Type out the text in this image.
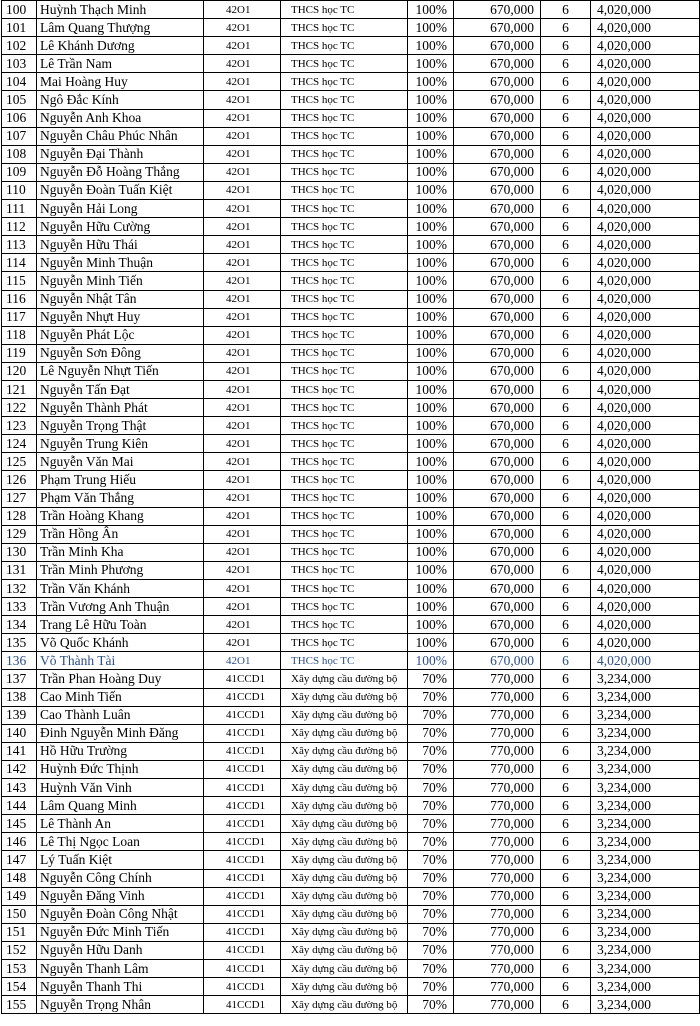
100	Huỳnh Thạch Minh	42O1	THCS học TC	100%	670,000	6	4,020,000
101	Lâm Quang Thượng	42O1	THCS học TC	100%	670,000	6	4,020,000
102	Lê Khánh Dương	42O1	THCS học TC	100%	670,000	6	4,020,000
103	Lê Trần Nam	42O1	THCS học TC	100%	670,000	6	4,020,000
104	Mai Hoàng Huy	42O1	THCS học TC	100%	670,000	6	4,020,000
105	Ngô Đắc Kính	42O1	THCS học TC	100%	670,000	6	4,020,000
106	Nguyễn Anh Khoa	42O1	THCS học TC	100%	670,000	6	4,020,000
107	Nguyễn Châu Phúc Nhân	42O1	THCS học TC	100%	670,000	6	4,020,000
108	Nguyễn Đại Thành	42O1	THCS học TC	100%	670,000	6	4,020,000
109	Nguyễn Đỗ Hoàng Thắng	42O1	THCS học TC	100%	670,000	6	4,020,000
110	Nguyễn Đoàn Tuấn Kiệt	42O1	THCS học TC	100%	670,000	6	4,020,000
111	Nguyễn Hải Long	42O1	THCS học TC	100%	670,000	6	4,020,000
112	Nguyễn Hữu Cường	42O1	THCS học TC	100%	670,000	6	4,020,000
113	Nguyễn Hữu Thái	42O1	THCS học TC	100%	670,000	6	4,020,000
114	Nguyễn Minh Thuận	42O1	THCS học TC	100%	670,000	6	4,020,000
115	Nguyễn Minh Tiến	42O1	THCS học TC	100%	670,000	6	4,020,000
116	Nguyễn Nhật Tân	42O1	THCS học TC	100%	670,000	6	4,020,000
117	Nguyễn Nhựt Huy	42O1	THCS học TC	100%	670,000	6	4,020,000
118	Nguyễn Phát Lộc	42O1	THCS học TC	100%	670,000	6	4,020,000
119	Nguyễn Sơn Đông	42O1	THCS học TC	100%	670,000	6	4,020,000
120	Lê Nguyễn Nhựt Tiến	42O1	THCS học TC	100%	670,000	6	4,020,000
121	Nguyễn Tấn Đạt	42O1	THCS học TC	100%	670,000	6	4,020,000
122	Nguyễn Thành Phát	42O1	THCS học TC	100%	670,000	6	4,020,000
123	Nguyễn Trọng Thật	42O1	THCS học TC	100%	670,000	6	4,020,000
124	Nguyễn Trung Kiên	42O1	THCS học TC	100%	670,000	6	4,020,000
125	Nguyễn Văn Mai	42O1	THCS học TC	100%	670,000	6	4,020,000
126	Phạm Trung Hiếu	42O1	THCS học TC	100%	670,000	6	4,020,000
127	Phạm Văn Thắng	42O1	THCS học TC	100%	670,000	6	4,020,000
128	Trần Hoàng Khang	42O1	THCS học TC	100%	670,000	6	4,020,000
129	Trần Hồng Ân	42O1	THCS học TC	100%	670,000	6	4,020,000
130	Trần Minh Kha	42O1	THCS học TC	100%	670,000	6	4,020,000
131	Trần Minh Phương	42O1	THCS học TC	100%	670,000	6	4,020,000
132	Trần Văn Khánh	42O1	THCS học TC	100%	670,000	6	4,020,000
133	Trần Vương Anh Thuận	42O1	THCS học TC	100%	670,000	6	4,020,000
134	Trang Lê Hữu Toàn	42O1	THCS học TC	100%	670,000	6	4,020,000
135	Võ Quốc Khánh	42O1	THCS học TC	100%	670,000	6	4,020,000
136	Võ Thành Tài	42O1	THCS học TC	100%	670,000	6	4,020,000
137	Trần Phan Hoàng Duy	41CCD1	Xây dựng cầu đường bộ	70%	770,000	6	3,234,000
138	Cao Minh Tiến	41CCD1	Xây dựng cầu đường bộ	70%	770,000	6	3,234,000
139	Cao Thành Luân	41CCD1	Xây dựng cầu đường bộ	70%	770,000	6	3,234,000
140	Đinh Nguyễn Minh Đăng	41CCD1	Xây dựng cầu đường bộ	70%	770,000	6	3,234,000
141	Hồ Hữu Trường	41CCD1	Xây dựng cầu đường bộ	70%	770,000	6	3,234,000
142	Huỳnh Đức Thịnh	41CCD1	Xây dựng cầu đường bộ	70%	770,000	6	3,234,000
143	Huỳnh Văn Vinh	41CCD1	Xây dựng cầu đường bộ	70%	770,000	6	3,234,000
144	Lâm Quang Minh	41CCD1	Xây dựng cầu đường bộ	70%	770,000	6	3,234,000
145	Lê Thành An	41CCD1	Xây dựng cầu đường bộ	70%	770,000	6	3,234,000
146	Lê Thị Ngọc Loan	41CCD1	Xây dựng cầu đường bộ	70%	770,000	6	3,234,000
147	Lý Tuấn Kiệt	41CCD1	Xây dựng cầu đường bộ	70%	770,000	6	3,234,000
148	Nguyễn Công Chính	41CCD1	Xây dựng cầu đường bộ	70%	770,000	6	3,234,000
149	Nguyễn Đăng Vinh	41CCD1	Xây dựng cầu đường bộ	70%	770,000	6	3,234,000
150	Nguyễn Đoàn Công Nhật	41CCD1	Xây dựng cầu đường bộ	70%	770,000	6	3,234,000
151	Nguyễn Đức Minh Tiến	41CCD1	Xây dựng cầu đường bộ	70%	770,000	6	3,234,000
152	Nguyễn Hữu Danh	41CCD1	Xây dựng cầu đường bộ	70%	770,000	6	3,234,000
153	Nguyễn Thanh Lâm	41CCD1	Xây dựng cầu đường bộ	70%	770,000	6	3,234,000
154	Nguyễn Thanh Thi	41CCD1	Xây dựng cầu đường bộ	70%	770,000	6	3,234,000
155	Nguyễn Trọng Nhân	41CCD1	Xây dựng cầu đường bộ	70%	770,000	6	3,234,000
